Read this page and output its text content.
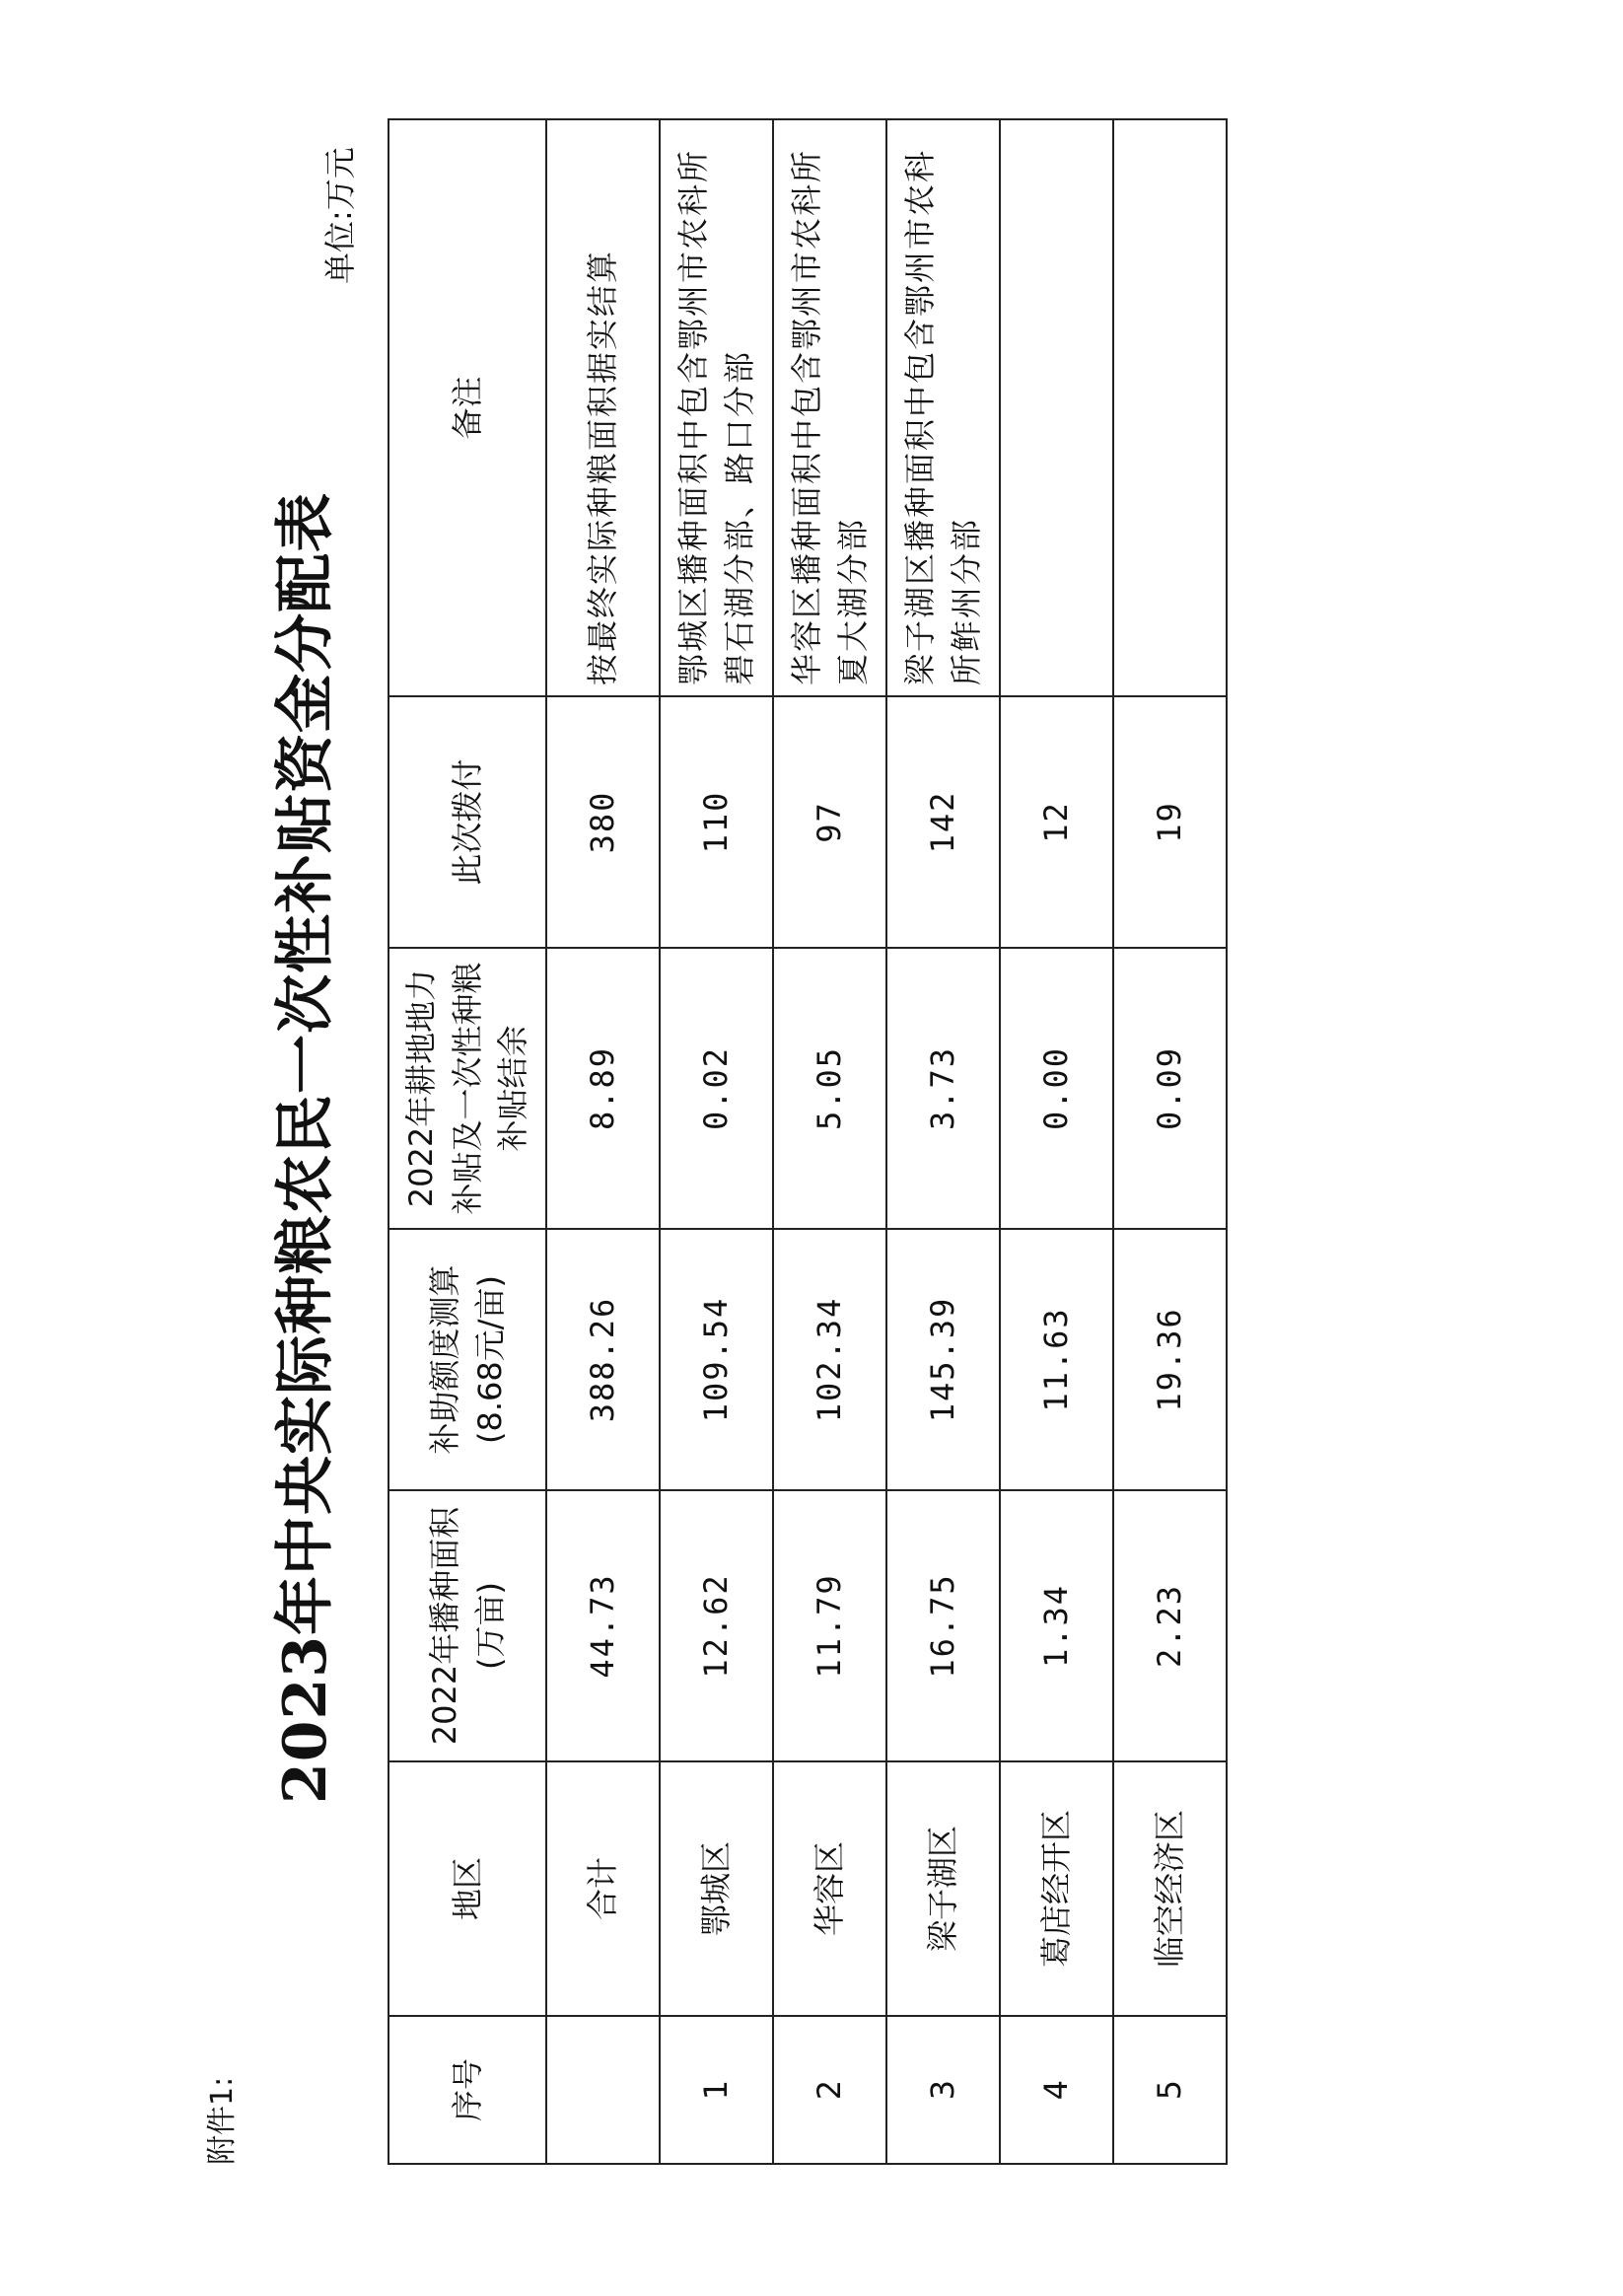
附件1:
2023年中央实际种粮农民一次性补贴资金分配表
单位:万元
序号	地区	2022年播种面积(万亩)	补助额度测算(8.68元/亩)	2022年耕地地力补贴及一次性种粮补贴结余	此次拨付	备注
	合计	44.73	388.26	8.89	380	按最终实际种粮面积据实结算
1	鄂城区	12.62	109.54	0.02	110	鄂城区播种面积中包含鄂州市农科所碧石湖分部、路口分部
2	华容区	11.79	102.34	5.05	97	华容区播种面积中包含鄂州市农科所夏大湖分部
3	梁子湖区	16.75	145.39	3.73	142	梁子湖区播种面积中包含鄂州市农科所鲊州分部
4	葛店经开区	1.34	11.63	0.00	12	
5	临空经济区	2.23	19.36	0.09	19	
